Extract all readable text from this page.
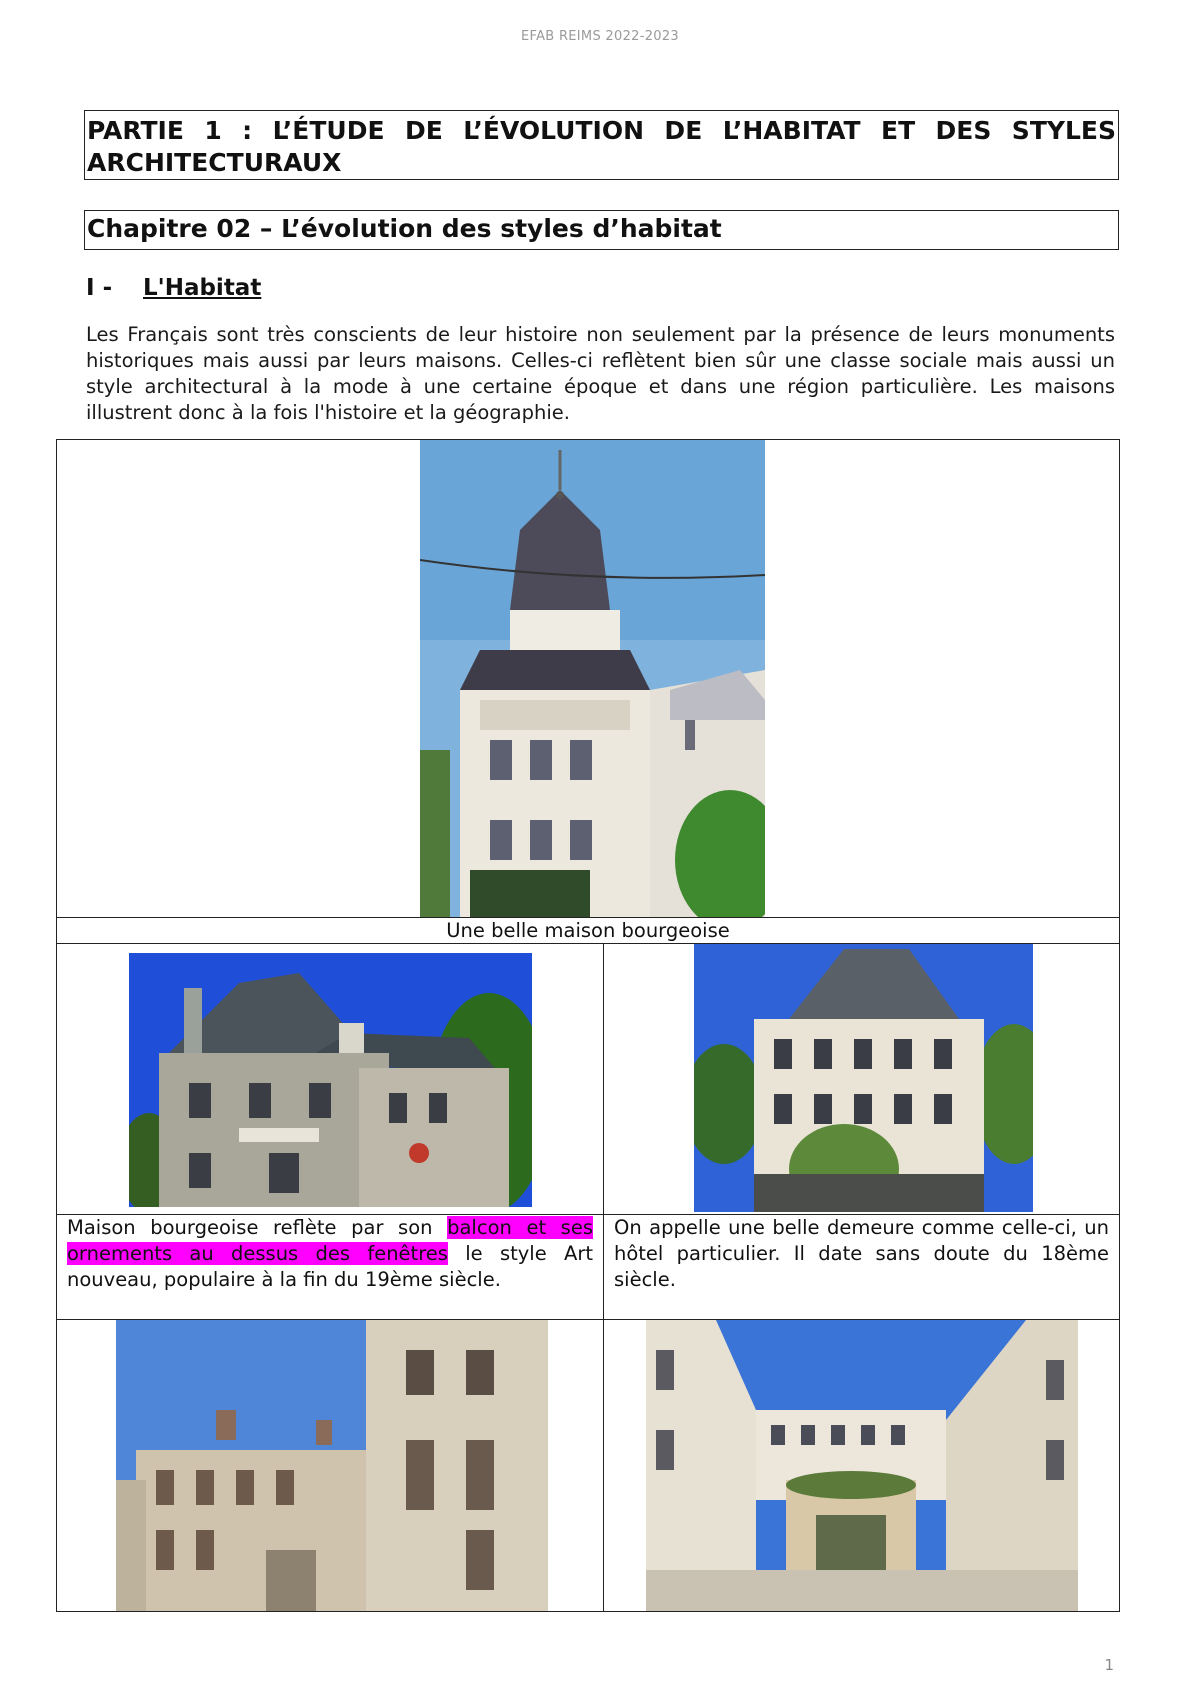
EFAB REIMS 2022-2023
PARTIE 1 : L’ÉTUDE DE L’ÉVOLUTION DE L’HABITAT ET DES STYLES ARCHITECTURAUX
Chapitre 02 – L’évolution des styles d’habitat
I - L'Habitat
Les Français sont très conscients de leur histoire non seulement par la présence de leurs monuments historiques mais aussi par leurs maisons. Celles-ci reflètent bien sûr une classe sociale mais aussi un style architectural à la mode à une certaine époque et dans une région particulière. Les maisons illustrent donc à la fois l'histoire et la géographie.

Une belle maison bourgeoise	

Maison bourgeoise reflète par son balcon et ses ornements au dessus des fenêtres le style Art nouveau, populaire à la fin du 19ème siècle.	On appelle une belle demeure comme celle-ci, un hôtel particulier. Il date sans doute du 18ème siècle.

1
